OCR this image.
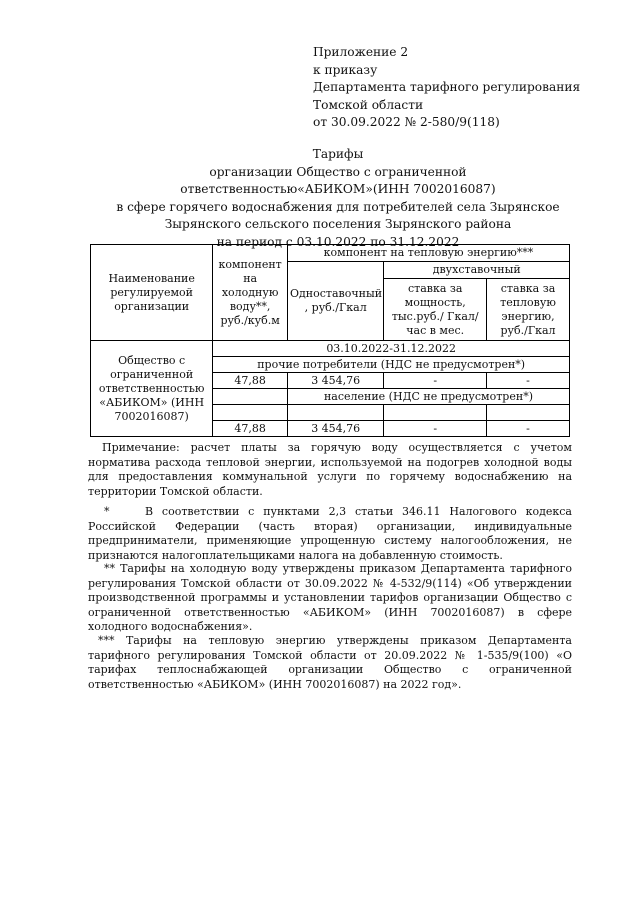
Приложение 2
к приказу
Департамента тарифного регулирования
Томской области
от 30.09.2022 № 2-580/9(118)
Тарифы
организации Общество с ограниченной
ответственностью«АБИКОМ»(ИНН 7002016087)
в сфере горячего водоснабжения для потребителей села Зырянское
Зырянского сельского поселения Зырянского района
на период с 03.10.2022 по 31.12.2022
Наименование регулируемой организации	компонент на холодную воду**, руб./куб.м	компонент на тепловую энергию***		
		Одноставочный , руб./Гкал	двухставочный	
			ставка за мощность, тыс.руб./ Гкал/час в мес.	ставка за тепловую энергию, руб./Гкал
Общество с ограниченной ответственностью «АБИКОМ» (ИНН 7002016087)	03.10.2022-31.12.2022			
	прочие потребители (НДС не предусмотрен*)			
	47,88	3 454,76	-	-
		население (НДС не предусмотрен*)		

	47,88	3 454,76	-	-

Примечание: расчет платы за горячую воду осуществляется с учетом норматива расхода тепловой энергии, используемой на подогрев холодной воды для предоставления коммунальной услуги по горячему водоснабжению на территории Томской области.

*    В соответствии с пунктами 2,3 статьи 346.11 Налогового кодекса Российской Федерации (часть вторая) организации, индивидуальные предприниматели, применяющие упрощенную систему налогообложения, не признаются налогоплательщиками налога на добавленную стоимость.

** Тарифы на холодную воду утверждены приказом Департамента тарифного регулирования Томской области от 30.09.2022 № 4-532/9(114) «Об утверждении производственной программы и установлении тарифов организации Общество с ограниченной ответственностью «АБИКОМ» (ИНН 7002016087) в сфере холодного водоснабжения».

*** Тарифы на тепловую энергию утверждены приказом Департамента тарифного регулирования Томской области от 20.09.2022 № 1-535/9(100) «О тарифах теплоснабжающей организации Общество с ограниченной ответственностью «АБИКОМ» (ИНН 7002016087) на 2022 год».
